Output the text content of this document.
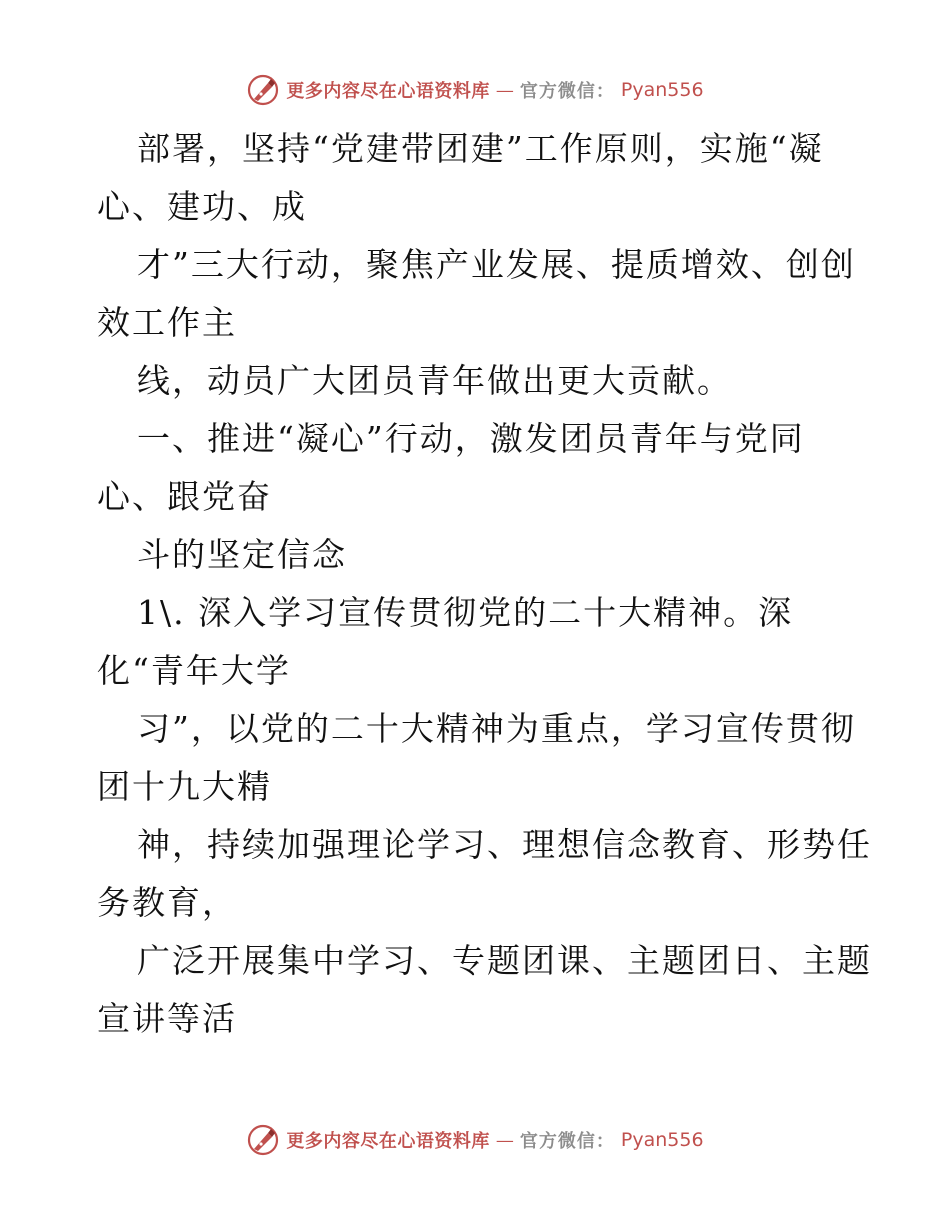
更多内容尽在心语资料库 — 官方微信： Pyan556
部署，坚持“党建带团建”工作原则，实施“凝
心、建功、成
才”三大行动，聚焦产业发展、提质增效、创创
效工作主
线，动员广大团员青年做出更大贡献。
一、推进“凝心”行动，激发团员青年与党同
心、跟党奋
斗的坚定信念
1\. 深入学习宣传贯彻党的二十大精神。深
化“青年大学
习”，以党的二十大精神为重点，学习宣传贯彻
团十九大精
神，持续加强理论学习、理想信念教育、形势任
务教育，
广泛开展集中学习、专题团课、主题团日、主题
宣讲等活
更多内容尽在心语资料库 — 官方微信： Pyan556
